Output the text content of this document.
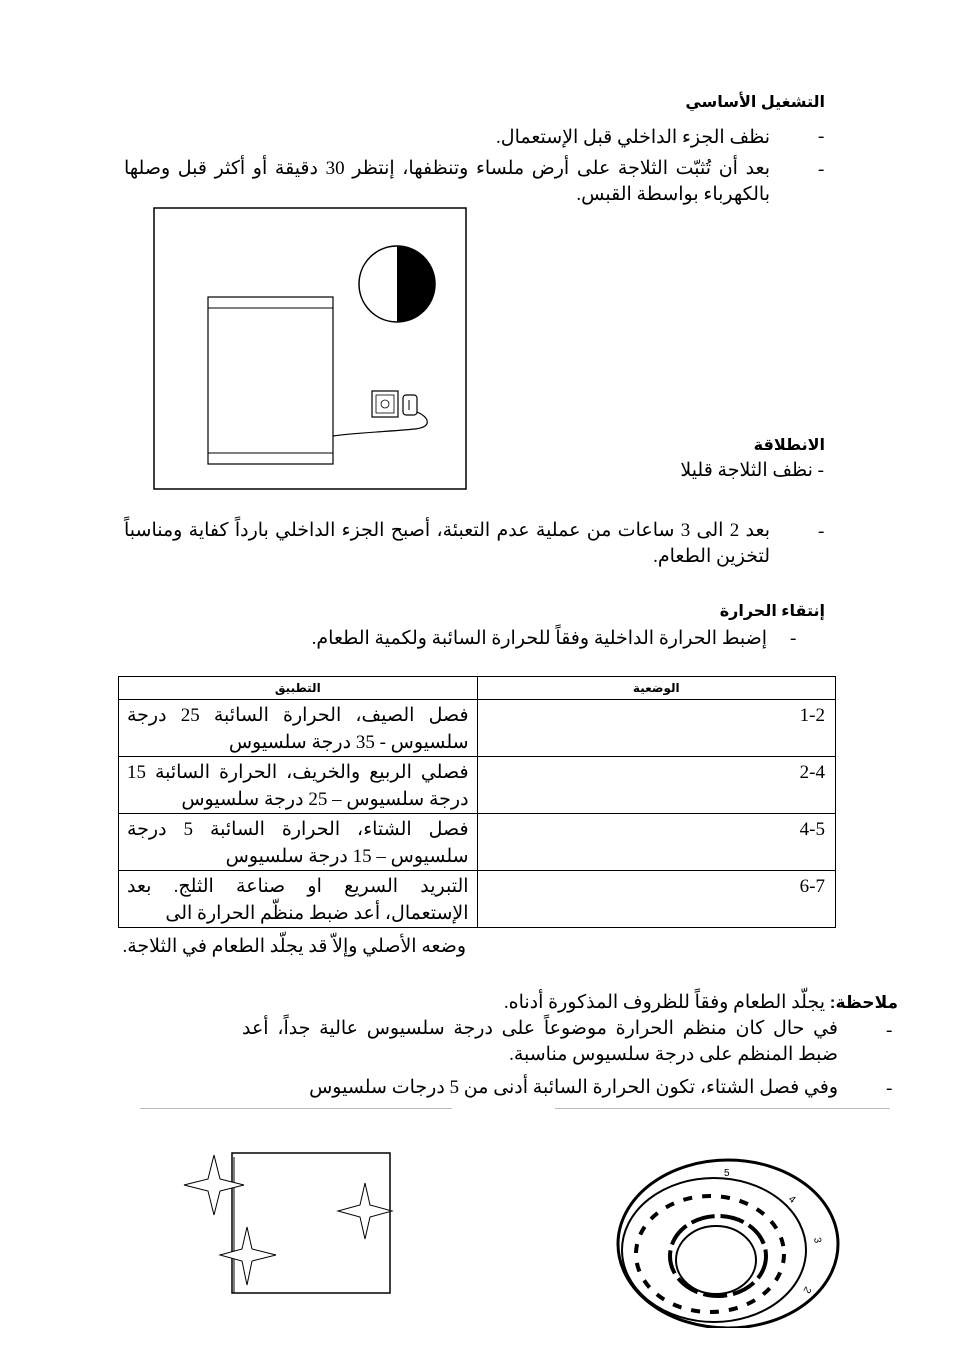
التشغيل الأساسي
-
نظف الجزء الداخلي قبل الإستعمال.
-
بعد أن تُثبّت الثلاجة على أرض ملساء وتنظفها، إنتظر 30 دقيقة أو أكثر قبل وصلها بالكهرباء بواسطة القبس.
الانطلاقة
- نظف الثلاجة قليلا
-
بعد 2 الى 3 ساعات من عملية عدم التعبئة، أصبح الجزء الداخلي بارداً كفاية ومناسباً لتخزين الطعام.
إنتقاء الحرارة
-
إضبط الحرارة الداخلية وفقاً للحرارة السائبة ولكمية الطعام.
الوضعية	التطبيق
1-2	فصل الصيف، الحرارة السائبة 25 درجة سلسيوس - 35 درجة سلسيوس
2-4	فصلي الربيع والخريف، الحرارة السائبة 15 درجة سلسيوس – 25 درجة سلسيوس
4-5	فصل الشتاء، الحرارة السائبة 5 درجة سلسيوس – 15 درجة سلسيوس
6-7	التبريد السريع او صناعة الثلج. بعد الإستعمال، أعد ضبط منظّم الحرارة الى
وضعه الأصلي وإلاّ قد يجلّد الطعام في الثلاجة.
ملاحظة: يجلّد الطعام وفقاً للظروف المذكورة أدناه.
-
في حال كان منظم الحرارة موضوعاً على درجة سلسيوس عالية جداً، أعد ضبط المنظم على درجة سلسيوس مناسبة.
-
وفي فصل الشتاء، تكون الحرارة السائبة أدنى من 5 درجات سلسيوس
5
4
3
2
